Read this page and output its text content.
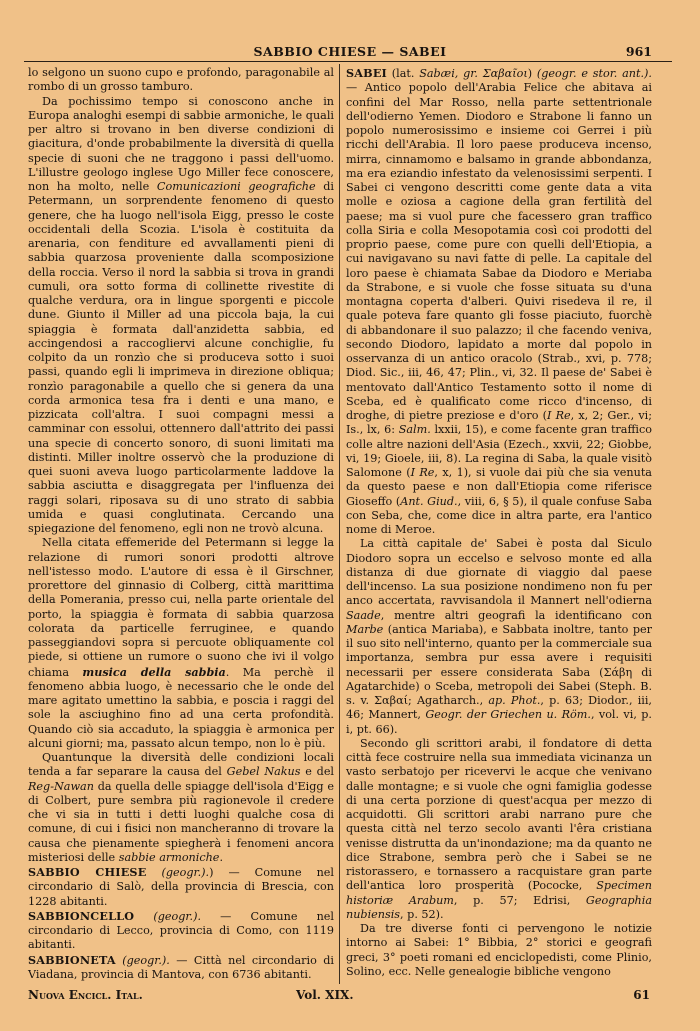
SABBIO CHIESE — SABEI	961

lo selgono un suono cupo e profondo, paragonabile al rombo di un grosso tamburo.

Da pochissimo tempo si conoscono anche in Europa analoghi esempi di sabbie armoniche, le quali per altro si trovano in ben diverse condizioni di giacitura, d'onde probabilmente la diversità di quella specie di suoni che ne traggono i passi dell'uomo. L'illustre geologo inglese Ugo Miller fece conoscere, non ha molto, nelle Comunicazioni geografiche di Petermann, un sorprendente fenomeno di questo genere, che ha luogo nell'isola Eigg, presso le coste occidentali della Scozia. L'isola è costituita da arenaria, con fenditure ed avvallamenti pieni di sabbia quarzosa proveniente dalla scomposizione della roccia. Verso il nord la sabbia si trova in grandi cumuli, ora sotto forma di collinette rivestite di qualche verdura, ora in lingue sporgenti e piccole dune. Giunto il Miller ad una piccola baja, la cui spiaggia è formata dall'anzidetta sabbia, ed accingendosi a raccogliervi alcune conchiglie, fu colpito da un ronzìo che si produceva sotto i suoi passi, quando egli li imprimeva in direzione obliqua; ronzìo paragonabile a quello che si genera da una corda armonica tesa fra i denti e una mano, e pizzicata coll'altra. I suoi compagni messi a camminar con essolui, ottennero dall'attrito dei passi una specie di concerto sonoro, di suoni limitati ma distinti. Miller inoltre osservò che la produzione di quei suoni aveva luogo particolarmente laddove la sabbia asciutta e disaggregata per l'influenza dei raggi solari, riposava su di uno strato di sabbia umida e quasi conglutinata. Cercando una spiegazione del fenomeno, egli non ne trovò alcuna.

Nella citata effemeride del Petermann si legge la relazione di rumori sonori prodotti altrove nell'istesso modo. L'autore di essa è il Girschner, prorettore del ginnasio di Colberg, città marittima della Pomerania, presso cui, nella parte orientale del porto, la spiaggia è formata di sabbia quarzosa colorata da particelle ferruginee, e quando passeggiandovi sopra si percuote obliquamente col piede, si ottiene un rumore o suono che ivi il volgo chiama musica della sabbia. Ma perchè il fenomeno abbia luogo, è necessario che le onde del mare agitato umettino la sabbia, e poscia i raggi del sole la asciughino fino ad una certa profondità. Quando ciò sia accaduto, la spiaggia è armonica per alcuni giorni; ma, passato alcun tempo, non lo è più.

Quantunque la diversità delle condizioni locali tenda a far separare la causa del Gebel Nakus e del Reg-Nawan da quella delle spiagge dell'isola d'Eigg e di Colbert, pure sembra più ragionevole il credere che vi sia in tutti i detti luoghi qualche cosa di comune, di cui i fisici non mancheranno di trovare la causa che pienamente spiegherà i fenomeni ancora misteriosi delle sabbie armoniche.

SABBIO CHIESE (geogr.).) — Comune nel circondario di Salò, della provincia di Brescia, con 1228 abitanti.

SABBIONCELLO (geogr.). — Comune nel circondario di Lecco, provincia di Como, con 1119 abitanti.

SABBIONETA (geogr.). — Città nel circondario di Viadana, provincia di Mantova, con 6736 abitanti.

SABEI (lat. Sabæi, gr. Σαβαῖοι) (geogr. e stor. ant.). — Antico popolo dell'Arabia Felice che abitava ai confini del Mar Rosso, nella parte settentrionale dell'odierno Yemen. Diodoro e Strabone li fanno un popolo numerosissimo e insieme coi Gerrei i più ricchi dell'Arabia. Il loro paese produceva incenso, mirra, cinnamomo e balsamo in grande abbondanza, ma era eziandio infestato da velenosissimi serpenti. I Sabei ci vengono descritti come gente data a vita molle e oziosa a cagione della gran fertilità del paese; ma si vuol pure che facessero gran traffico colla Siria e colla Mesopotamia così coi prodotti del proprio paese, come pure con quelli dell'Etiopia, a cui navigavano su navi fatte di pelle. La capitale del loro paese è chiamata Sabae da Diodoro e Meriaba da Strabone, e si vuole che fosse situata su d'una montagna coperta d'alberi. Quivi risedeva il re, il quale poteva fare quanto gli fosse piaciuto, fuorchè di abbandonare il suo palazzo; il che facendo veniva, secondo Diodoro, lapidato a morte dal popolo in osservanza di un antico oracolo (Strab., xvi, p. 778; Diod. Sic., iii, 46, 47; Plin., vi, 32. Il paese de' Sabei è mentovato dall'Antico Testamento sotto il nome di Sceba, ed è qualificato come ricco d'incenso, di droghe, di pietre preziose e d'oro (I Re, x, 2; Ger., vi; Is., lx, 6: Salm. lxxii, 15), e come facente gran traffico colle altre nazioni dell'Asia (Ezech., xxvii, 22; Giobbe, vi, 19; Gioele, iii, 8). La regina di Saba, la quale visitò Salomone (I Re, x, 1), si vuole dai più che sia venuta da questo paese e non dall'Etiopia come riferisce Gioseffo (Ant. Giud., viii, 6, § 5), il quale confuse Saba con Seba, che, come dice in altra parte, era l'antico nome di Meroe.

La città capitale de' Sabei è posta dal Siculo Diodoro sopra un eccelso e selvoso monte ed alla distanza di due giornate di viaggio dal paese dell'incenso. La sua posizione nondimeno non fu per anco accertata, ravvisandola il Mannert nell'odierna Saade, mentre altri geografi la identificano con Marbe (antica Mariaba), e Sabbata inoltre, tanto per il suo sito nell'interno, quanto per la commerciale sua importanza, sembra pur essa avere i requisiti necessarii per essere considerata Saba (Σάβη di Agatarchide) o Sceba, metropoli dei Sabei (Steph. B. s. v. Σαβαί; Agatharch., ap. Phot., p. 63; Diodor., iii, 46; Mannert, Geogr. der Griechen u. Röm., vol. vi, p. i, pt. 66).

Secondo gli scrittori arabi, il fondatore di detta città fece costruire nella sua immediata vicinanza un vasto serbatojo per ricevervi le acque che venivano dalle montagne; e si vuole che ogni famiglia godesse di una certa porzione di quest'acqua per mezzo di acquidotti. Gli scrittori arabi narrano pure che questa città nel terzo secolo avanti l'êra cristiana venisse distrutta da un'inondazione; ma da quanto ne dice Strabone, sembra però che i Sabei se ne ristorassero, e tornassero a racquistare gran parte dell'antica loro prosperità (Pococke, Specimen historiæ Arabum, p. 57; Edrisi, Geographia nubiensis, p. 52).

Da tre diverse fonti ci pervengono le notizie intorno ai Sabei: 1° Bibbia, 2° storici e geografi greci, 3° poeti romani ed enciclopedisti, come Plinio, Solino, ecc. Nelle genealogie bibliche vengono

Nuova Encicl. Ital.	Vol. XIX.	61
